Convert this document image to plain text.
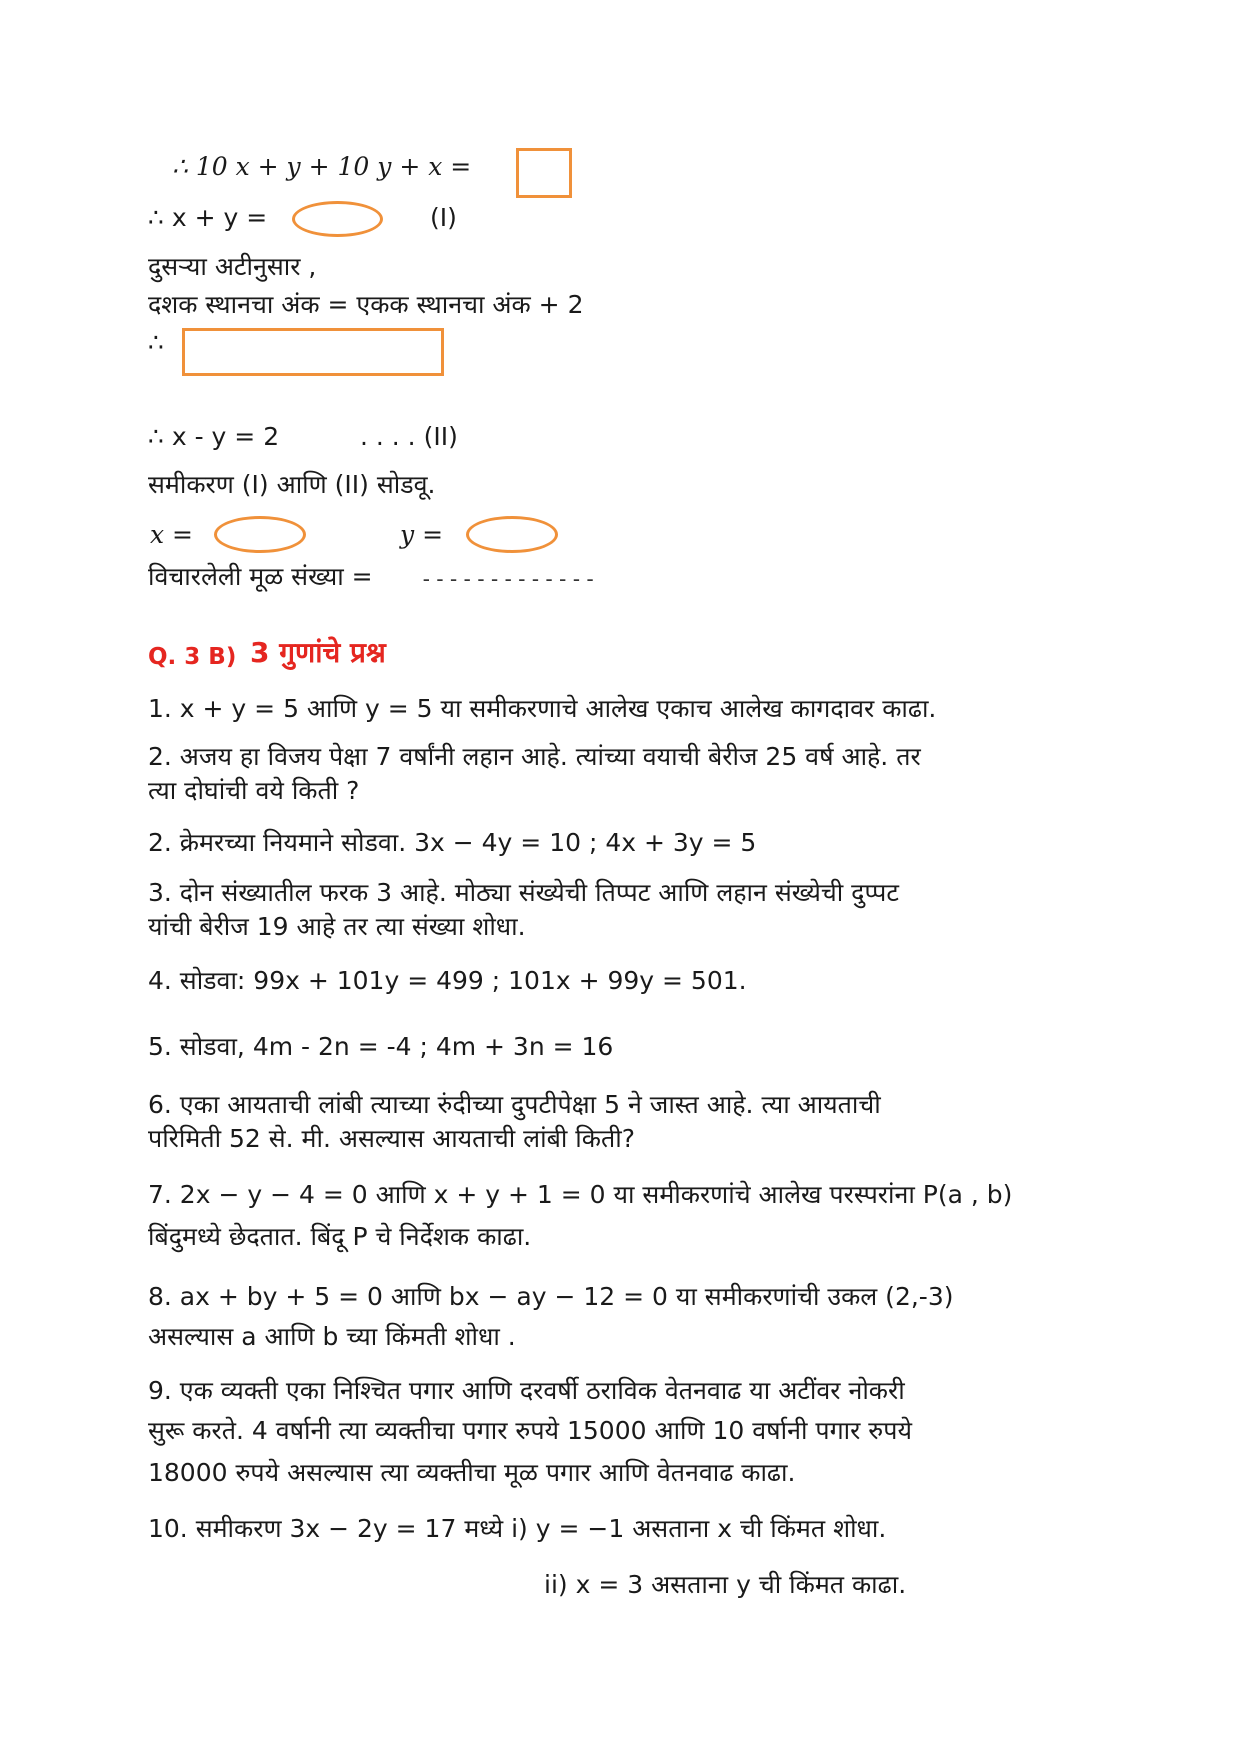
∴ 10 x + y + 10 y + x =
∴ x + y =	(I)
दुसऱ्या अटीनुसार ,
दशक स्थानचा अंक = एकक स्थानचा अंक + 2
∴
∴ x - y = 2	. . . . (II)
समीकरण (I) आणि (II) सोडवू.
x =	y =
विचारलेली मूळ संख्या = -------------
Q. 3 B) 3 गुणांचे प्रश्न
1. x + y = 5 आणि y = 5 या समीकरणाचे आलेख एकाच आलेख कागदावर काढा.
2. अजय हा विजय पेक्षा 7 वर्षांनी लहान आहे. त्यांच्या वयाची बेरीज 25 वर्ष आहे. तर
त्या दोघांची वये किती ?
2. क्रेमरच्या नियमाने सोडवा. 3x − 4y = 10 ; 4x + 3y = 5
3. दोन संख्यातील फरक 3 आहे. मोठ्या संख्येची तिप्पट आणि लहान संख्येची दुप्पट
यांची बेरीज 19 आहे तर त्या संख्या शोधा.
4. सोडवा: 99x + 101y = 499 ; 101x + 99y = 501.
5. सोडवा, 4m - 2n = -4 ; 4m + 3n = 16
6. एका आयताची लांबी त्याच्या रुंदीच्या दुपटीपेक्षा 5 ने जास्त आहे. त्या आयताची
परिमिती 52 से. मी. असल्यास आयताची लांबी किती?
7. 2x − y − 4 = 0 आणि x + y + 1 = 0 या समीकरणांचे आलेख परस्परांना P(a , b)
बिंदुमध्ये छेदतात. बिंदू P चे निर्देशक काढा.
8. ax + by + 5 = 0 आणि bx − ay − 12 = 0 या समीकरणांची उकल (2,-3)
असल्यास a आणि b च्या किंमती शोधा .
9. एक व्यक्ती एका निश्चित पगार आणि दरवर्षी ठराविक वेतनवाढ या अटींवर नोकरी
सुरू करते. 4 वर्षानी त्या व्यक्तीचा पगार रुपये 15000 आणि 10 वर्षानी पगार रुपये
18000 रुपये असल्यास त्या व्यक्तीचा मूळ पगार आणि वेतनवाढ काढा.
10. समीकरण 3x − 2y = 17 मध्ये i) y = −1 असताना x ची किंमत शोधा.
ii) x = 3 असताना y ची किंमत काढा.
